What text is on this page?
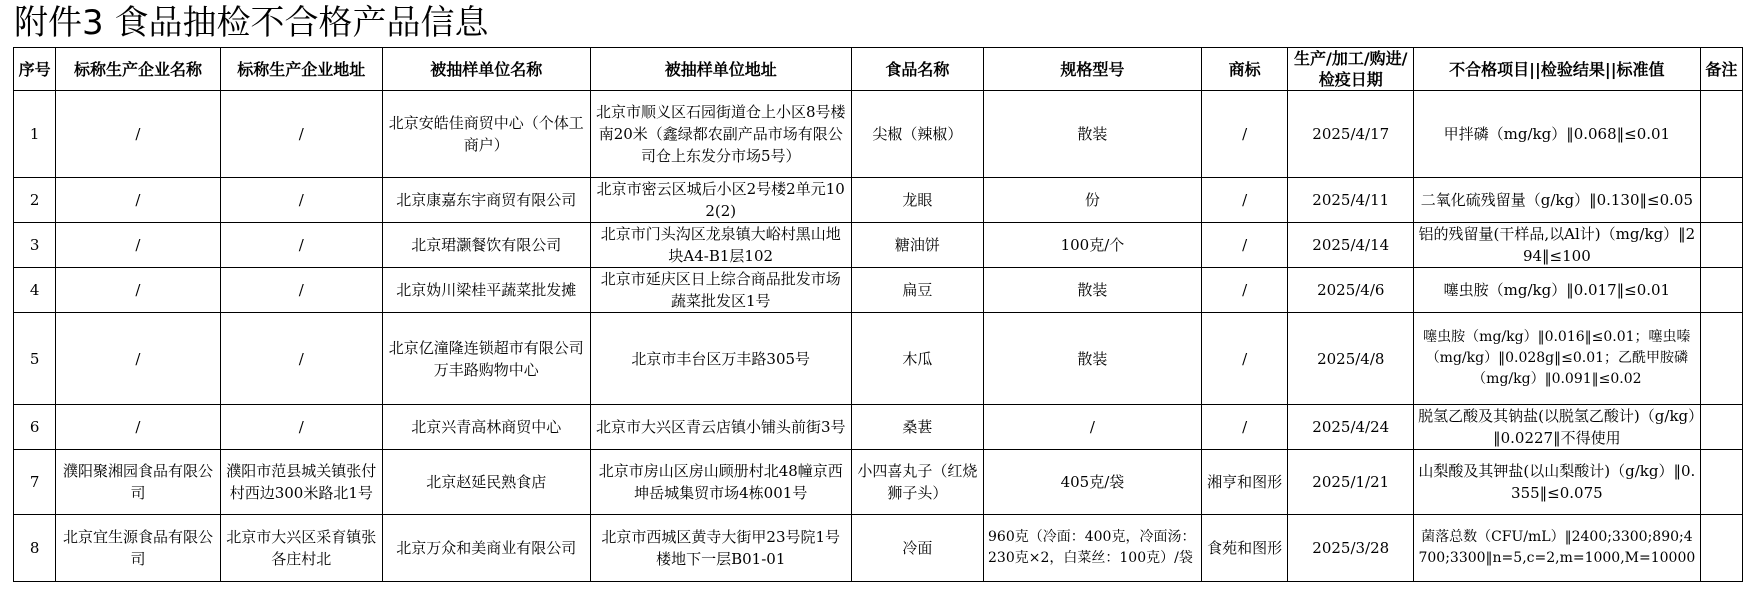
附件3 食品抽检不合格产品信息
序号	标称生产企业名称	标称生产企业地址	被抽样单位名称	被抽样单位地址	食品名称	规格型号	商标	生产/加工/购进/检疫日期	不合格项目||检验结果||标准值	备注
1	/	/	北京安皓佳商贸中心（个体工商户）	北京市顺义区石园街道仓上小区8号楼南20米（鑫绿都农副产品市场有限公司仓上东发分市场5号）	尖椒（辣椒）	散装	/	2025/4/17	甲拌磷（mg/kg）‖0.068‖≤0.01	
2	/	/	北京康嘉东宇商贸有限公司	北京市密云区城后小区2号楼2单元102(2)	龙眼	份	/	2025/4/11	二氧化硫残留量（g/kg）‖0.130‖≤0.05	
3	/	/	北京珺灏餐饮有限公司	北京市门头沟区龙泉镇大峪村黑山地块A4-B1层102	糖油饼	100克/个	/	2025/4/14	铝的残留量(干样品,以Al计)（mg/kg）‖294‖≤100	
4	/	/	北京妫川梁桂平蔬菜批发摊	北京市延庆区日上综合商品批发市场蔬菜批发区1号	扁豆	散装	/	2025/4/6	噻虫胺（mg/kg）‖0.017‖≤0.01	
5	/	/	北京亿潼隆连锁超市有限公司万丰路购物中心	北京市丰台区万丰路305号	木瓜	散装	/	2025/4/8	噻虫胺（mg/kg）‖0.016‖≤0.01；噻虫嗪（mg/kg）‖0.028g‖≤0.01；乙酰甲胺磷（mg/kg）‖0.091‖≤0.02	
6	/	/	北京兴青高林商贸中心	北京市大兴区青云店镇小铺头前街3号	桑葚	/	/	2025/4/24	脱氢乙酸及其钠盐(以脱氢乙酸计)（g/kg）‖0.0227‖不得使用	
7	濮阳聚湘园食品有限公司	濮阳市范县城关镇张付村西边300米路北1号	北京赵延民熟食店	北京市房山区房山顾册村北48幢京西坤岳城集贸市场4栋001号	小四喜丸子（红烧狮子头）	405克/袋	湘亨和图形	2025/1/21	山梨酸及其钾盐(以山梨酸计)（g/kg）‖0.355‖≤0.075	
8	北京宜生源食品有限公司	北京市大兴区采育镇张各庄村北	北京万众和美商业有限公司	北京市西城区黄寺大街甲23号院1号楼地下一层B01-01	冷面	960克（冷面：400克，冷面汤：230克×2，白菜丝：100克）/袋	食苑和图形	2025/3/28	菌落总数（CFU/mL）‖2400;3300;890;4700;3300‖n=5,c=2,m=1000,M=10000	
